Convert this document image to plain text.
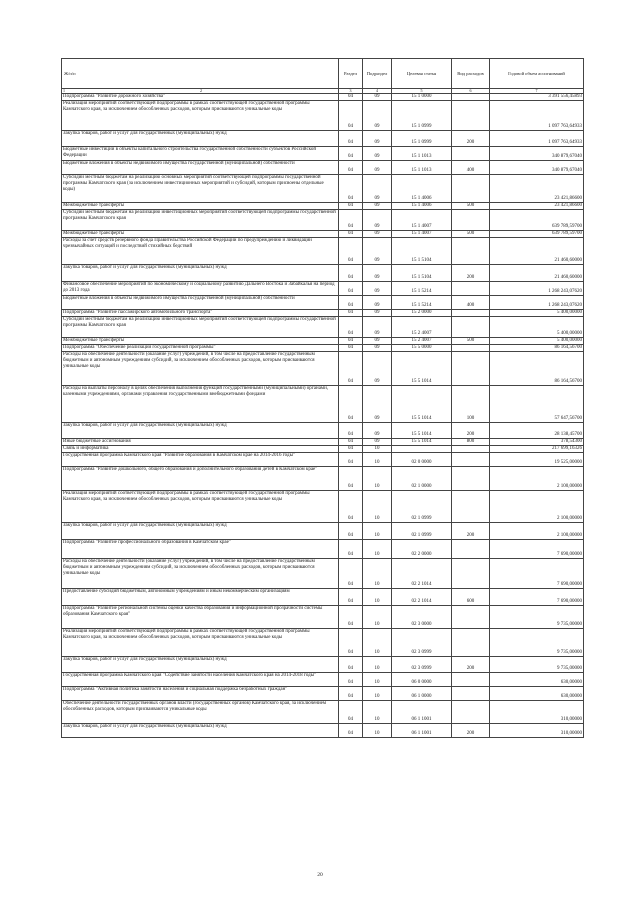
Ж/п/п	Раздел	Подраздел	Целевая статья	Вид расходов	Годовой объем ассигнований

1 2	3	4	5	6	7
Подпрограмма "Развитие дорожного хозяйства"	04	09	15 1 0000		3 391 556,45893
Реализация мероприятий соответствующей подпрограммы в рамках соответствующей государственной программы Камчатского края, за исключением обособленных расходов, которым присваиваются уникальные коды	04	09	15 1 0999		1 097 763,64933
Закупка товаров, работ и услуг для государственных (муниципальных) нужд	04	09	15 1 0999	200	1 097 763,64933
Бюджетные инвестиции в объекты капитального строительства государственной собственности субъектов Российской Федерации	04	09	15 1 1013		340 879,67040
Бюджетные вложения в объекты недвижимого имущества государственной (муниципальной) собственности	04	09	15 1 1013	400	340 879,67040
Субсидии местным бюджетам на реализацию основных мероприятий соответствующей подпрограммы государственной программы Камчатского края (за исключением инвестиционных мероприятий и субсидий, которым присвоены отдельные коды)	04	09	15 1 4006		23 421,86600
Межбюджетные трансферты	04	09	15 1 4006	500	23 421,86600
Субсидии местным бюджетам на реализацию инвестиционных мероприятий соответствующей подпрограммы государственной программы Камчатского края	04	09	15 1 4007		639 789,59700
Межбюджетные трансферты	04	09	15 1 4007	500	639 789,59700
Расходы за счет средств резервного фонда Правительства Российской Федерации по предупреждению и ликвидации чрезвычайных ситуаций и последствий стихийных бедствий	04	09	15 1 5104		21 460,60000
Закупка товаров, работ и услуг для государственных (муниципальных) нужд	04	09	15 1 5104	200	21 460,60000
Финансовое обеспечение мероприятий по экономическому и социальному развитию Дальнего Востока и Забайкалья на период до 2013 года	04	09	15 1 5214		1 268 243,07620
Бюджетные вложения в объекты недвижимого имущества государственной (муниципальной) собственности	04	09	15 1 5214	400	1 268 243,07620
Подпрограмма "Развитие пассажирского автомобильного транспорта"	04	09	15 2 0000		5 400,00000
Субсидии местным бюджетам на реализацию инвестиционных мероприятий соответствующей подпрограммы государственной программы Камчатского края	04	09	15 2 4007		5 400,00000
Межбюджетные трансферты	04	09	15 2 4007	500	5 400,00000
Подпрограмма "Обеспечение реализации государственной программы"	04	09	15 5 0000		86 164,56700
Расходы на обеспечение деятельности (оказание услуг) учреждений, в том числе на предоставление государственным бюджетным и автономным учреждениям субсидий, за исключением обособленных расходов, которым присваиваются уникальные коды	04	09	15 5 1014		86 164,56700
Расходы на выплаты персоналу в целях обеспечения выполнения функций государственными (муниципальными) органами, казенными учреждениями, органами управления государственными внебюджетными фондами	04	09	15 5 1014	100	57 647,56700
Закупка товаров, работ и услуг для государственных (муниципальных) нужд	04	09	15 5 1014	200	28 138,45700
Иные бюджетные ассигнования	04	09	15 5 1014	800	378,54300
Связь и информатика	04	10			217 699,16326
Государственная программа Камчатского края "Развитие образования в Камчатском крае на 2014-2016 годы"	04	10	02 0 0000		19 525,00000
Подпрограмма "Развитие дошкольного, общего образования и дополнительного образования детей в Камчатском крае"	04	10	02 1 0000		2 100,00000
Реализация мероприятий соответствующей подпрограммы в рамках соответствующей государственной программы Камчатского края, за исключением обособленных расходов, которым присваиваются уникальные коды	04	10	02 1 0999		2 100,00000
Закупка товаров, работ и услуг для государственных (муниципальных) нужд	04	10	02 1 0999	200	2 100,00000
Подпрограмма "Развитие профессионального образования в Камчатском крае"	04	10	02 2 0000		7 690,00000
Расходы на обеспечение деятельности (оказание услуг) учреждений, в том числе на предоставление государственным бюджетным и автономным учреждениям субсидий, за исключением обособленных расходов, которым присваиваются уникальные коды	04	10	02 2 1014		7 690,00000
Предоставление субсидий бюджетным, автономным учреждениям и иным некоммерческим организациям	04	10	02 2 1014	600	7 690,00000
Подпрограмма "Развитие региональной системы оценки качества образования и информационной прозрачности системы образования Камчатского края"	04	10	02 3 0000		9 735,00000
Реализация мероприятий соответствующей подпрограммы в рамках соответствующей государственной программы Камчатского края, за исключением обособленных расходов, которым присваиваются уникальные коды	04	10	02 3 0999		9 735,00000
Закупка товаров, работ и услуг для государственных (муниципальных) нужд	04	10	02 3 0999	200	9 735,00000
Государственная программа Камчатского края "Содействие занятости населения Камчатского края на 2014-2018 годы"	04	10	06 0 0000		630,00000
Подпрограмма "Активная политика занятости населения и социальная поддержка безработных граждан"	04	10	06 1 0000		630,00000
Обеспечение деятельности государственных органов власти (государственных органов) Камчатского края, за исключением обособленных расходов, которым присваиваются уникальные коды	04	10	06 1 1001		310,00000
Закупка товаров, работ и услуг для государственных (муниципальных) нужд	04	10	06 1 1001	200	310,00000
20
